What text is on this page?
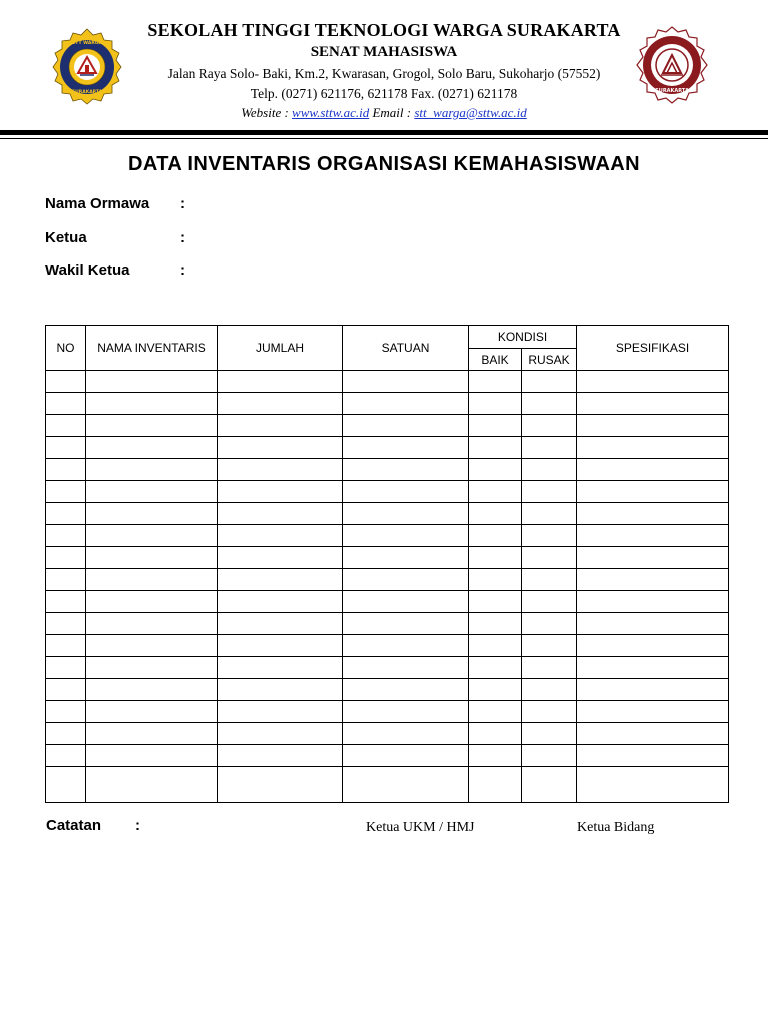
STT WARGA
SURAKARTA	SURAKARTA
SEKOLAH TINGGI TEKNOLOGI WARGA SURAKARTA
SENAT MAHASISWA
Jalan Raya Solo- Baki, Km.2, Kwarasan, Grogol, Solo Baru, Sukoharjo (57552)
Telp. (0271) 621176, 621178 Fax. (0271) 621178
Website : www.sttw.ac.id Email : stt_warga@sttw.ac.id
DATA INVENTARIS ORGANISASI KEMAHASISWAAN
Nama Ormawa :
Ketua	:
Wakil Ketua	:
NO	NAMA INVENTARIS	JUMLAH	SATUAN	KONDISI		SPESIFIKASI
				BAIK	RUSAK	

Catatan :	Ketua UKM / HMJ	Ketua Bidang
